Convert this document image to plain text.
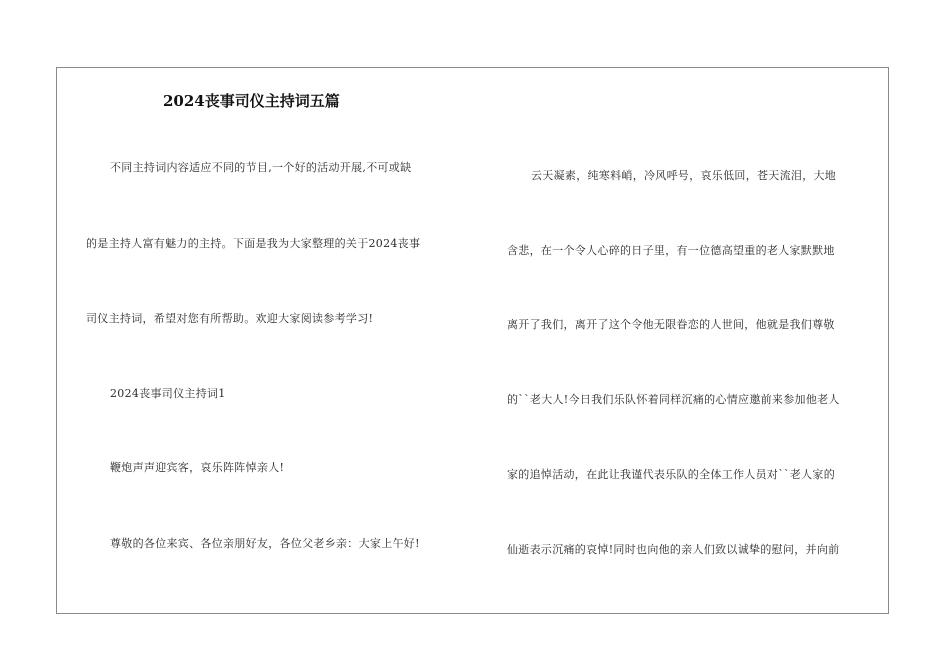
2024丧事司仪主持词五篇
不同主持词内容适应不同的节目,一个好的活动开展,不可或缺
的是主持人富有魅力的主持。下面是我为大家整理的关于2024丧事
司仪主持词，希望对您有所帮助。欢迎大家阅读参考学习!
2024丧事司仪主持词1
鞭炮声声迎宾客，哀乐阵阵悼亲人!
尊敬的各位来宾、各位亲朋好友，各位父老乡亲：大家上午好!
云天凝素，纯寒料峭，冷风呼号，哀乐低回，苍天流泪，大地
含悲，在一个令人心碎的日子里，有一位德高望重的老人家默默地
离开了我们，离开了这个令他无限眷恋的人世间，他就是我们尊敬
的``老大人!今日我们乐队怀着同样沉痛的心情应邀前来参加他老人
家的追悼活动，在此让我谨代表乐队的全体工作人员对``老人家的
仙逝表示沉痛的哀悼!同时也向他的亲人们致以诚挚的慰问，并向前
